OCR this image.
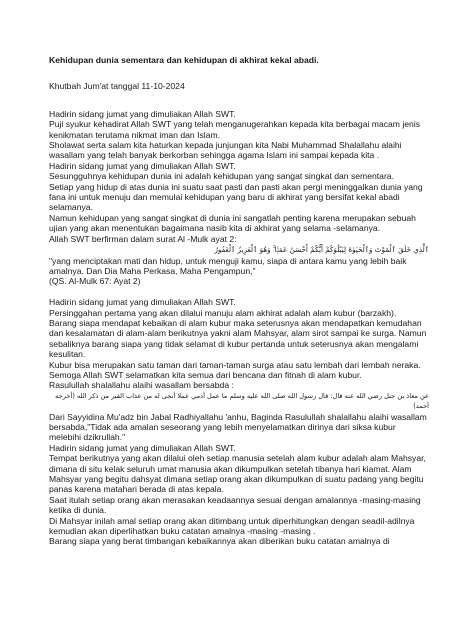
Kehidupan dunia sementara dan kehidupan di akhirat kekal abadi.

Khutbah Jum'at tanggal 11-10-2024

Hadirin sidang jumat yang dimuliakan Allah SWT.

Puji syukur kehadirat Allah SWT yang telah menganugerahkan kepada kita berbagai macam jenis kenikmatan terutama nikmat iman dan Islam.

Sholawat serta salam kita haturkan kepada junjungan kita Nabi Muhammad Shalallahu alaihi wasallam yang telah banyak berkorban sehingga agama Islam ini sampai kepada kita .

Hadirin sidang jumat yang dimuliakan Allah SWT.

Sesungguhnya kehidupan dunia ini adalah kehidupan yang sangat singkat dan sementara.

Setiap yang hidup di atas dunia ini suatu saat pasti dan pasti akan pergi meninggalkan dunia yang fana ini untuk menuju dan memulai kehidupan yang baru di akhirat yang bersifat kekal abadi selamanya.

Namun kehidupan yang sangat singkat di dunia ini sangatlah penting karena merupakan sebuah ujian yang akan menentukan bagaimana nasib kita di akhirat yang selama -selamanya.

Allah SWT berfirman dalam surat Al -Mulk ayat 2:

ٱلَّذِي خَلَقَ ٱلْمَوْتَ وَٱلْحَيَوٰةَ لِيَبْلُوَكُمْ أَيُّكُمْ أَحْسَنُ عَمَلًۭا ۚ وَهُوَ ٱلْعَزِيزُ ٱلْغَفُورُ

"yang menciptakan mati dan hidup, untuk menguji kamu, siapa di antara kamu yang lebih baik amalnya. Dan Dia Maha Perkasa, Maha Pengampun,"

(QS. Al-Mulk 67: Ayat 2)

Hadirin sidang jumat yang dimuliakan Allah SWT.

Persinggahan pertama yang akan dilalui manuju alam akhirat adalah alam kubur (barzakh).

Barang siapa mendapat kebaikan di alam kubur maka seterusnya akan mendapatkan kemudahan dan kesalamatan di alam-alam berikutnya yakni alam Mahsyar, alam sirot sampai ke surga. Namun sebaliknya barang siapa yang tidak selamat di kubur pertanda untuk seterusnya akan mengalami kesulitan.

Kubur bisa merupakan satu taman dari taman-taman surga atau satu lembah dari lembah neraka.

Semoga Allah SWT selamatkan kita semua dari bencana dan fitnah di alam kubur.

Rasulullah shalallahu alaihi wasallam bersabda :

عن معاذ بن جبل رضي الله عنه قال: قال رسول الله صلى الله عليه وسلم ما عمل آدمي عملا أنجى له من عذاب القبر من ذكر الله (أخرجه أحمد)

Dari Sayyidina Mu'adz bin Jabal Radhiyallahu 'anhu, Baginda Rasulullah shalallahu alaihi wasallam bersabda,"Tidak ada amalan seseorang yang lebih menyelamatkan dirinya dari siksa kubur melebihi dzikrullah."

Hadirin sidang jumat yang dimuliakan Allah SWT.

Tempat berikutnya yang akan dilalui oleh setiap manusia setelah alam kubur adalah alam Mahsyar, dimana di situ kelak seluruh umat manusia akan dikumpulkan setelah tibanya hari kiamat. Alam Mahsyar yang begitu dahsyat dimana setiap orang akan dikumpulkan di suatu padang yang begitu panas karena matahari berada di atas kepala.

Saat itulah setiap orang akan merasakan keadaannya sesuai dengan amalannya -masing-masing ketika di dunia.

Di Mahsyar inilah amal setiap orang akan ditimbang untuk diperhitungkan dengan seadil-adilnya kemudian akan diperlihatkan buku catatan amalnya -masing -masing .

Barang siapa yang berat timbangan kebaikannya akan diberikan buku catatan amalnya di
